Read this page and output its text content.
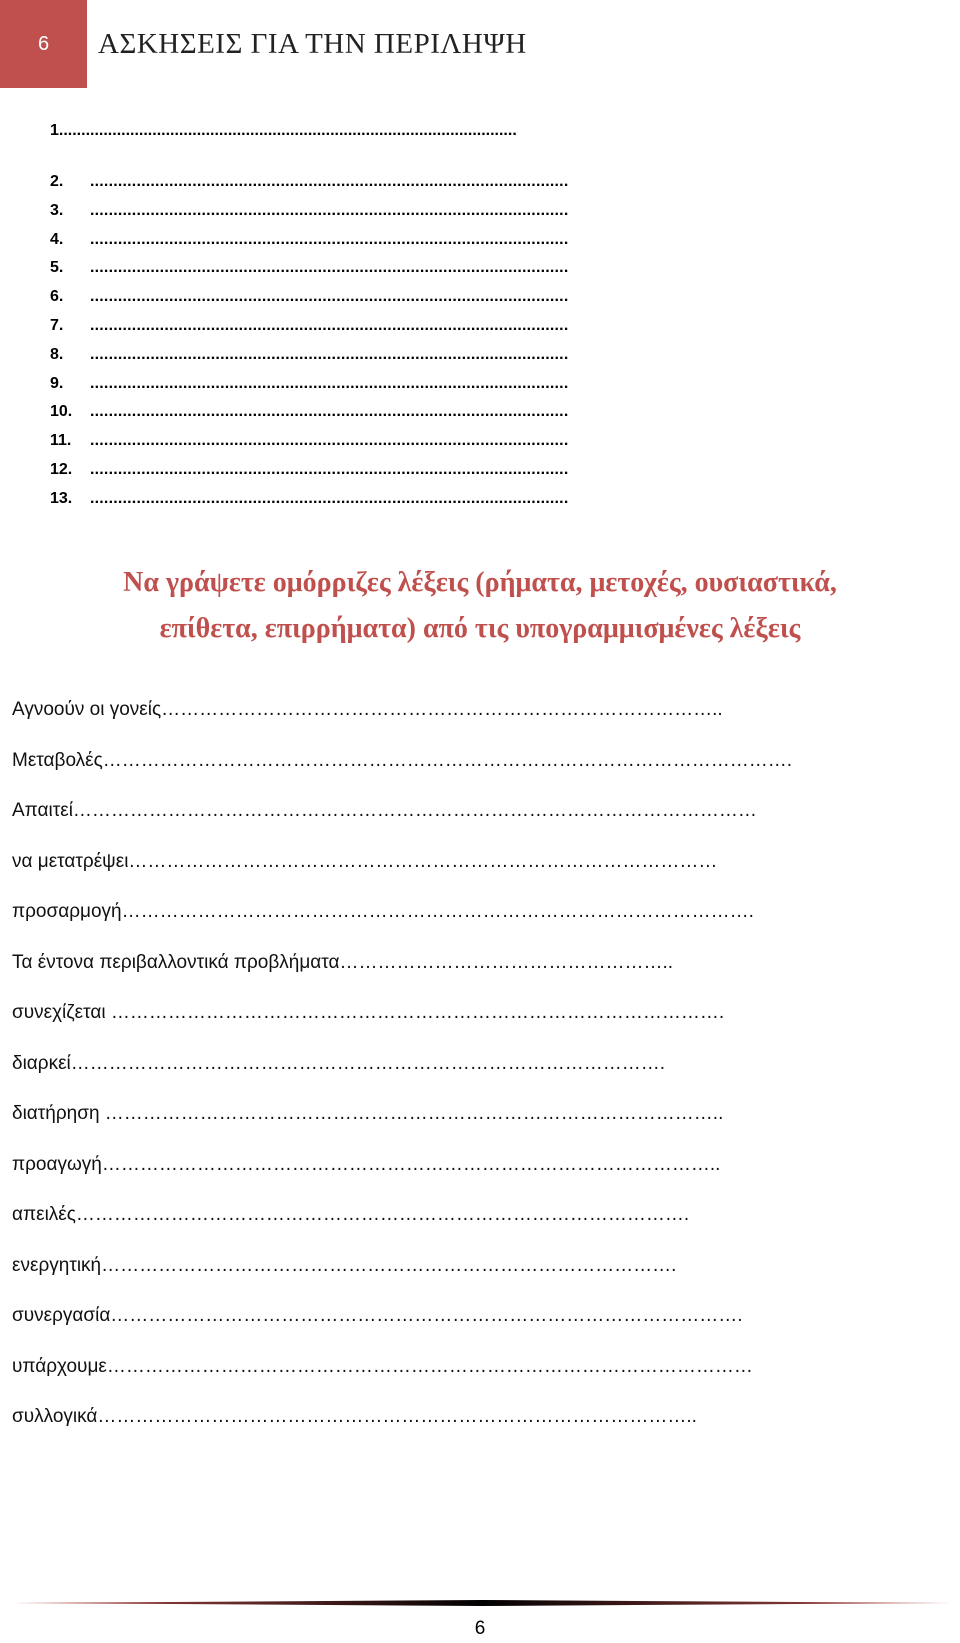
6 ΑΣΚΗΣΕΙΣ ΓΙΑ ΤΗΝ ΠΕΡΙΛΗΨΗ
1.......................................................................................................
2.	.......................................................................................................
3.	.......................................................................................................
4.	.......................................................................................................
5.	.......................................................................................................
6.	.......................................................................................................
7.	.......................................................................................................
8.	.......................................................................................................
9.	.......................................................................................................
10.	.......................................................................................................
11.	.......................................................................................................
12.	.......................................................................................................
13.	.......................................................................................................
Να γράψετε ομόρριζες λέξεις (ρήματα, μετοχές, ουσιαστικά,
επίθετα, επιρρήματα) από τις υπογραμμισμένες λέξεις
Αγνοούν οι γονείς……………………………………………………………………………..
Μεταβολές……………………………………………………………………………………………….
Απαιτεί………………………………………………………………………………………………
να μετατρέψει…………………………………………………………………………………
προσαρμογή……………………………………………………………………………………….
Τα έντονα περιβαλλοντικά προβλήματα……………………………………………..
συνεχίζεται …………………………………………………………………………………….
διαρκεί………………………………………………………………………………….
διατήρηση ……………………………………………………………………………………..
προαγωγή……………………………………………………………………………………..
απειλές…………………………………………………………………………………….
ενεργητική……………………………………………………………………………….
συνεργασία……………………………………………………………………………………….
υπάρχουμε…………………………………………………………………………………………
συλλογικά…………………………………………………………………………………..
6
